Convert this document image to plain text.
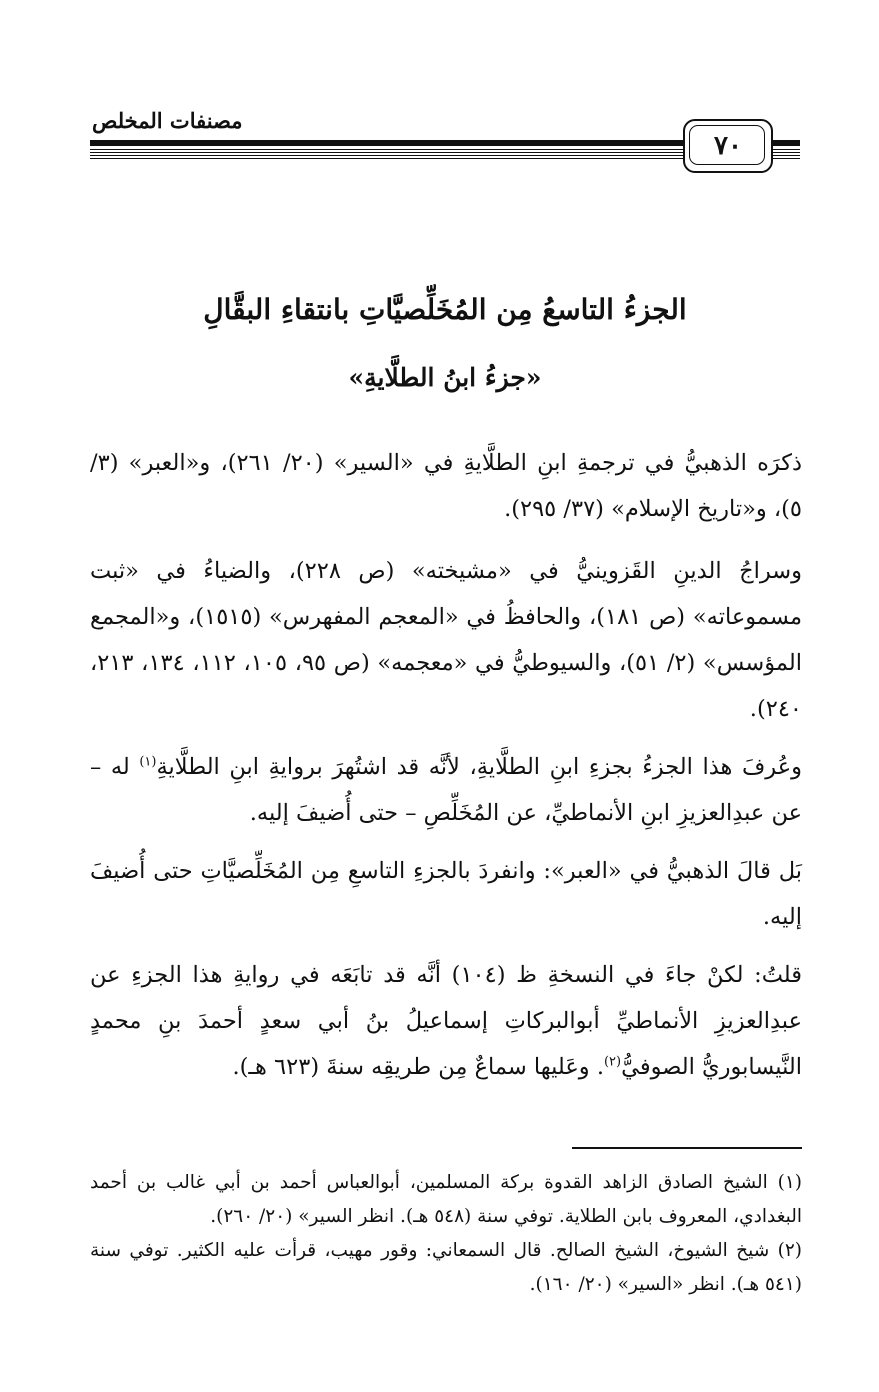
٧٠
مصنفات المخلص
الجزءُ التاسعُ مِن المُخَلِّصيَّاتِ بانتقاءِ البقَّالِ
«جزءُ ابنُ الطلَّايةِ»

ذكرَه الذهبيُّ في ترجمةِ ابنِ الطلَّايةِ في «السير» (٢٠/ ٢٦١)، و«العبر» (٣/ ٥)، و«تاريخ الإسلام» (٣٧/ ٢٩٥).

وسراجُ الدينِ القَزوينيُّ في «مشيخته» (ص ٢٢٨)، والضياءُ في «ثبت مسموعاته» (ص ١٨١)، والحافظُ في «المعجم المفهرس» (١٥١٥)، و«المجمع المؤسس» (٢/ ٥١)، والسيوطيُّ في «معجمه» (ص ٩٥، ١٠٥، ١١٢، ١٣٤، ٢١٣، ٢٤٠).

وعُرفَ هذا الجزءُ بجزءِ ابنِ الطلَّايةِ، لأنَّه قد اشتُهرَ بروايةِ ابنِ الطلَّايةِ$^{(١)}$ له – عن عبدِالعزيزِ ابنِ الأنماطيِّ، عن المُخَلِّصِ – حتى أُضيفَ إليه.

بَل قالَ الذهبيُّ في «العبر»: وانفردَ بالجزءِ التاسعِ مِن المُخَلِّصيَّاتِ حتى أُضيفَ إليه.

قلتُ: لكنْ جاءَ في النسخةِ ظ (١٠٤) أنَّه قد تابَعَه في روايةِ هذا الجزءِ عن عبدِالعزيزِ الأنماطيِّ أبوالبركاتِ إسماعيلُ بنُ أبي سعدٍ أحمدَ بنِ محمدٍ النَّيسابوريُّ الصوفيُّ$^{(٢)}$. وعَليها سماعٌ مِن طريقِه سنةَ (٦٢٣ هـ).

(١) الشيخ الصادق الزاهد القدوة بركة المسلمين، أبوالعباس أحمد بن أبي غالب بن أحمد البغدادي، المعروف بابن الطلاية. توفي سنة (٥٤٨ هـ). انظر السير» (٢٠/ ٢٦٠).

(٢) شيخ الشيوخ، الشيخ الصالح. قال السمعاني: وقور مهيب، قرأت عليه الكثير. توفي سنة (٥٤١ هـ). انظر «السير» (٢٠/ ١٦٠).
